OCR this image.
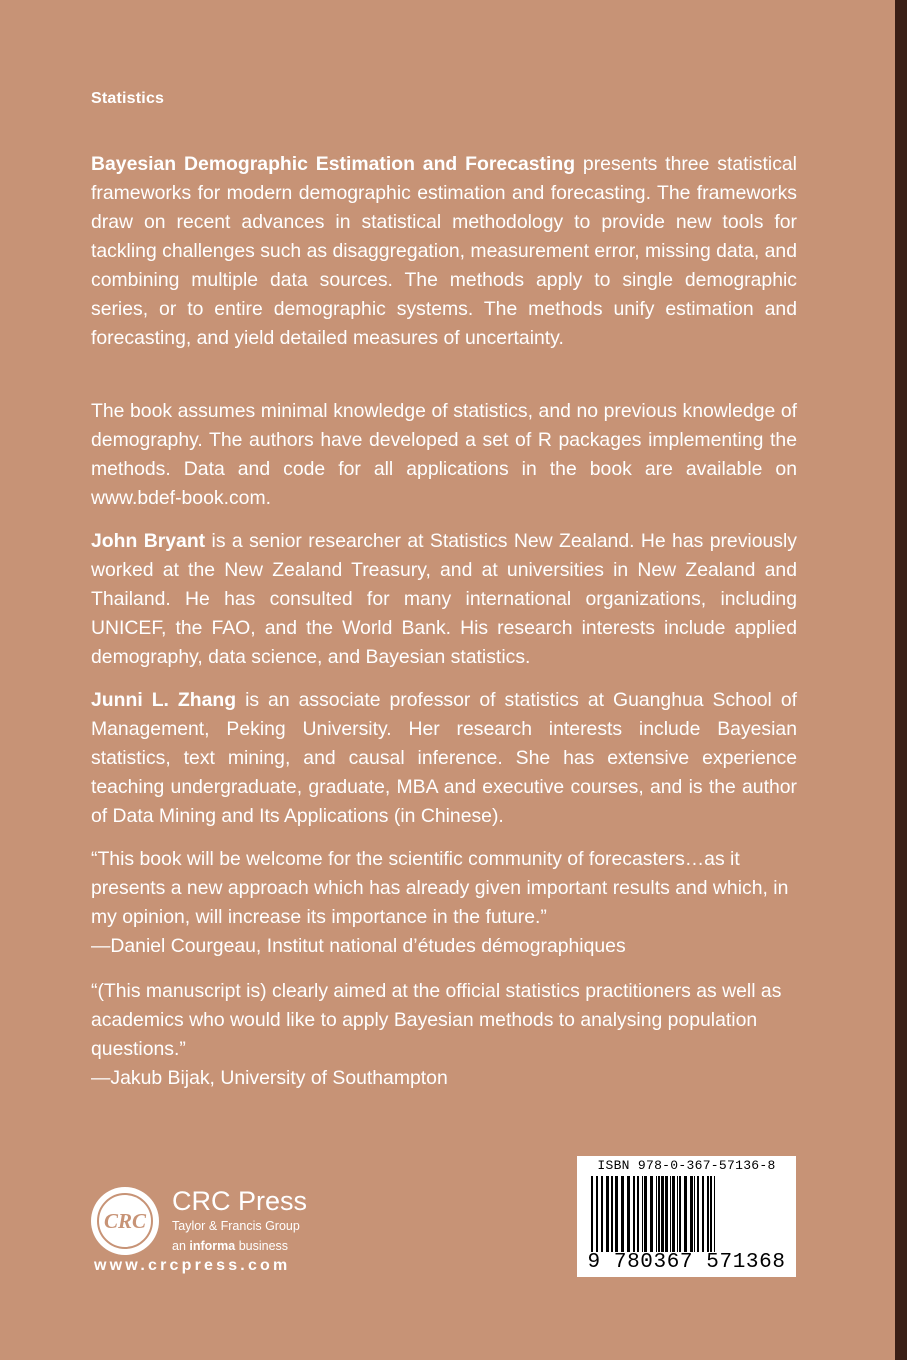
Statistics

Bayesian Demographic Estimation and Forecasting presents three statistical frameworks for modern demographic estimation and forecasting. The frameworks draw on recent advances in statistical methodology to provide new tools for tackling challenges such as disaggregation, measurement error, missing data, and combining multiple data sources. The methods apply to single demographic series, or to entire demographic systems. The methods unify estimation and forecasting, and yield detailed measures of uncertainty.

The book assumes minimal knowledge of statistics, and no previous knowledge of demography. The authors have developed a set of R packages implementing the methods. Data and code for all applications in the book are available on www.bdef-book.com.

John Bryant is a senior researcher at Statistics New Zealand. He has previously worked at the New Zealand Treasury, and at universities in New Zealand and Thailand. He has consulted for many international organizations, including UNICEF, the FAO, and the World Bank. His research interests include applied demography, data science, and Bayesian statistics.

Junni L. Zhang is an associate professor of statistics at Guanghua School of Management, Peking University. Her research interests include Bayesian statistics, text mining, and causal inference. She has extensive experience teaching undergraduate, graduate, MBA and executive courses, and is the author of Data Mining and Its Applications (in Chinese).

“This book will be welcome for the scientific community of forecasters…as it presents a new approach which has already given important results and which, in my opinion, will increase its importance in the future.”

—Daniel Courgeau, Institut national d’études démographiques

“(This manuscript is) clearly aimed at the official statistics practitioners as well as academics who would like to apply Bayesian methods to analysing population questions.”

—Jakub Bijak, University of Southampton
CRC
CRC Press
Taylor & Francis Group
an informa business
www.crcpress.com
ISBN 978-0-367-57136-8
9 780367 571368
